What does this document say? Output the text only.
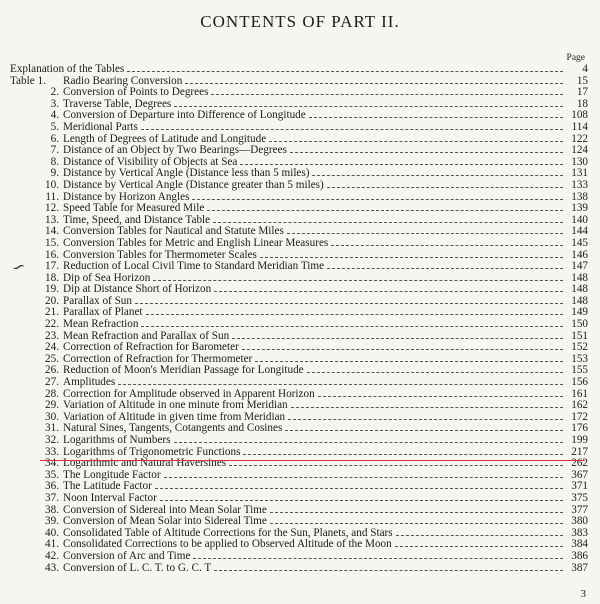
CONTENTS OF PART II.
Page
∽
Explanation of the Tables	4
Table 1.	Radio Bearing Conversion	15
2. Conversion of Points to Degrees	17
3. Traverse Table, Degrees	18
4. Conversion of Departure into Difference of Longitude	108
5. Meridional Parts	114
6. Length of Degrees of Latitude and Longitude	122
7. Distance of an Object by Two Bearings—Degrees	124
8. Distance of Visibility of Objects at Sea	130
9. Distance by Vertical Angle (Distance less than 5 miles)	131
10. Distance by Vertical Angle (Distance greater than 5 miles)	133
11. Distance by Horizon Angles	138
12. Speed Table for Measured Mile	139
13. Time, Speed, and Distance Table	140
14. Conversion Tables for Nautical and Statute Miles	144
15. Conversion Tables for Metric and English Linear Measures	145
16. Conversion Tables for Thermometer Scales	146
17. Reduction of Local Civil Time to Standard Meridian Time	147
18. Dip of Sea Horizon	148
19. Dip at Distance Short of Horizon	148
20. Parallax of Sun	148
21. Parallax of Planet	149
22. Mean Refraction	150
23. Mean Refraction and Parallax of Sun	151
24. Correction of Refraction for Barometer	152
25. Correction of Refraction for Thermometer	153
26. Reduction of Moon's Meridian Passage for Longitude	155
27. Amplitudes	156
28. Correction for Amplitude observed in Apparent Horizon	161
29. Variation of Altitude in one minute from Meridian	162
30. Variation of Altitude in given time from Meridian	172
31. Natural Sines, Tangents, Cotangents and Cosines	176
32. Logarithms of Numbers	199
33. Logarithms of Trigonometric Functions	217
34. Logarithmic and Natural Haversines	262
35. The Longitude Factor	367
36. The Latitude Factor	371
37. Noon Interval Factor	375
38. Conversion of Sidereal into Mean Solar Time	377
39. Conversion of Mean Solar into Sidereal Time	380
40. Consolidated Table of Altitude Corrections for the Sun, Planets, and Stars	383
41. Consolidated Corrections to be applied to Observed Altitude of the Moon	384
42. Conversion of Arc and Time	386
43. Conversion of L. C. T. to G. C. T	387
3
